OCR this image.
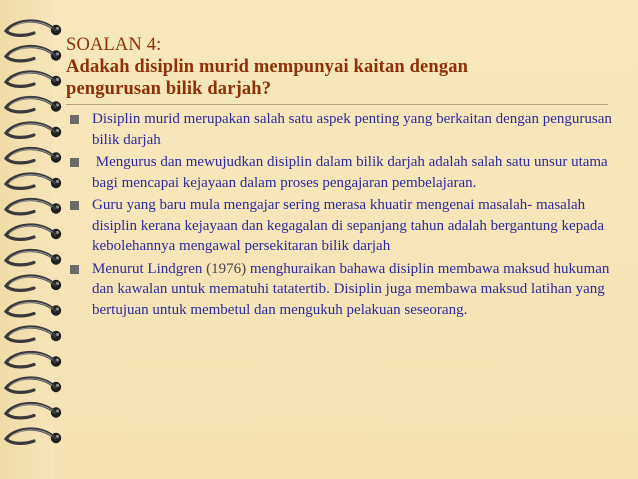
SOALAN 4:
Adakah disiplin murid mempunyai kaitan dengan
pengurusan bilik darjah?
Disiplin murid merupakan salah satu aspek penting yang berkaitan dengan pengurusan bilik darjah
Mengurus dan mewujudkan disiplin dalam bilik darjah adalah salah satu unsur utama bagi mencapai kejayaan dalam proses pengajaran pembelajaran.
Guru yang baru mula mengajar sering merasa khuatir mengenai masalah- masalah disiplin kerana kejayaan dan kegagalan di sepanjang tahun adalah bergantung kepada kebolehannya mengawal persekitaran bilik darjah
Menurut Lindgren (1976) menghuraikan bahawa disiplin membawa maksud hukuman dan kawalan untuk mematuhi tatatertib. Disiplin juga membawa maksud latihan yang bertujuan untuk membetul dan mengukuh pelakuan seseorang.
